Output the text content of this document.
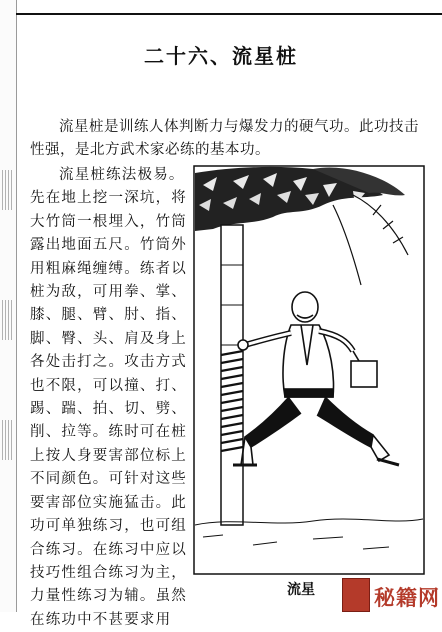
二十六、流星桩
流星桩是训练人体判断力与爆发力的硬气功。此功技击性强，是北方武术家必练的基本功。
流星桩练法极易。
先在地上挖一深坑，将大竹筒一根埋入，竹筒露出地面五尺。竹筒外用粗麻绳缠缚。练者以桩为敌，可用拳、掌、膝、腿、臂、肘、指、脚、臀、头、肩及身上各处击打之。攻击方式也不限，可以撞、打、踢、踹、拍、切、劈、削、拉等。练时可在桩上按人身要害部位标上不同颜色。可针对这些要害部位实施猛击。此功可单独练习，也可组合练习。在练习中应以技巧性组合练习为主，力量性练习为辅。虽然在练功中不甚要求用
流星	秘籍网
